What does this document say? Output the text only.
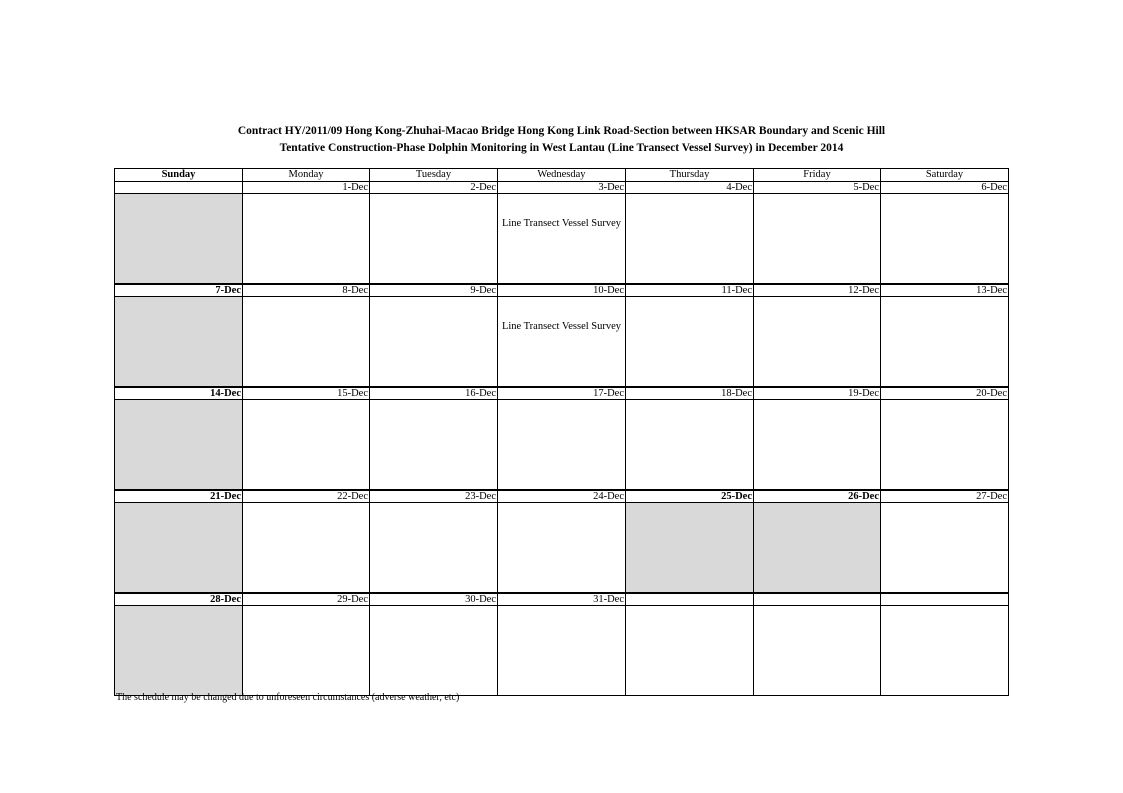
Contract HY/2011/09 Hong Kong-Zhuhai-Macao Bridge Hong Kong Link Road-Section between HKSAR Boundary and Scenic Hill
Tentative Construction-Phase Dolphin Monitoring in West Lantau (Line Transect Vessel Survey) in December 2014
Sunday	Monday	Tuesday	Wednesday	Thursday	Friday	Saturday
	1-Dec	2-Dec	3-Dec	4-Dec	5-Dec	6-Dec

			Line Transect Vessel Survey			

7-Dec	8-Dec	9-Dec	10-Dec	11-Dec	12-Dec	13-Dec

			Line Transect Vessel Survey			

14-Dec	15-Dec	16-Dec	17-Dec	18-Dec	19-Dec	20-Dec

21-Dec	22-Dec	23-Dec	24-Dec	25-Dec	26-Dec	27-Dec

28-Dec	29-Dec	30-Dec	31-Dec			

The schedule may be changed due to unforeseen circumstances (adverse weather, etc)
